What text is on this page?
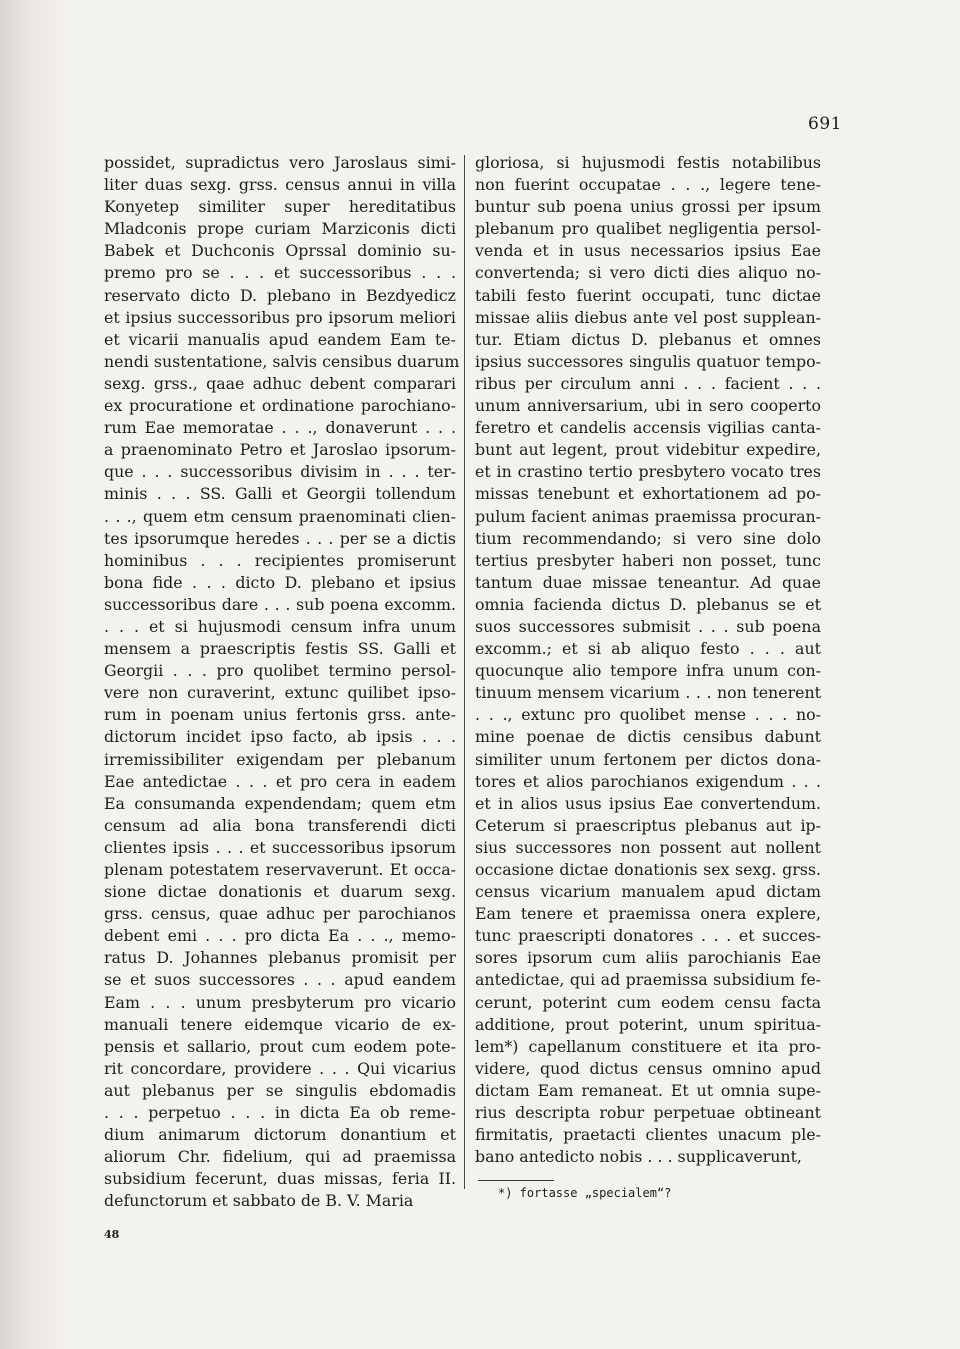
691
possidet, supradictus vero Jaroslaus simi-
liter duas sexg. grss. census annui in villa
Konyetep similiter super hereditatibus
Mladconis prope curiam Marziconis dicti
Babek et Duchconis Oprssal dominio su-
premo pro se . . . et successoribus . . .
reservato dicto D. plebano in Bezdyedicz
et ipsius successoribus pro ipsorum meliori
et vicarii manualis apud eandem Eam te-
nendi sustentatione, salvis censibus duarum
sexg. grss., qaae adhuc debent comparari
ex procuratione et ordinatione parochiano-
rum Eae memoratae . . ., donaverunt . . .
a praenominato Petro et Jaroslao ipsorum-
que . . . successoribus divisim in . . . ter-
minis . . . SS. Galli et Georgii tollendum
. . ., quem etm censum praenominati clien-
tes ipsorumque heredes . . . per se a dictis
hominibus . . . recipientes promiserunt
bona fide . . . dicto D. plebano et ipsius
successoribus dare . . . sub poena excomm.
. . . et si hujusmodi censum infra unum
mensem a praescriptis festis SS. Galli et
Georgii . . . pro quolibet termino persol-
vere non curaverint, extunc quilibet ipso-
rum in poenam unius fertonis grss. ante-
dictorum incidet ipso facto, ab ipsis . . .
irremissibiliter exigendam per plebanum
Eae antedictae . . . et pro cera in eadem
Ea consumanda expendendam; quem etm
censum ad alia bona transferendi dicti
clientes ipsis . . . et successoribus ipsorum
plenam potestatem reservaverunt. Et occa-
sione dictae donationis et duarum sexg.
grss. census, quae adhuc per parochianos
debent emi . . . pro dicta Ea . . ., memo-
ratus D. Johannes plebanus promisit per
se et suos successores . . . apud eandem
Eam . . . unum presbyterum pro vicario
manuali tenere eidemque vicario de ex-
pensis et sallario, prout cum eodem pote-
rit concordare, providere . . . Qui vicarius
aut plebanus per se singulis ebdomadis
. . . perpetuo . . . in dicta Ea ob reme-
dium animarum dictorum donantium et
aliorum Chr. fidelium, qui ad praemissa
subsidium fecerunt, duas missas, feria II.
defunctorum et sabbato de B. V. Maria
gloriosa, si hujusmodi festis notabilibus
non fuerint occupatae . . ., legere tene-
buntur sub poena unius grossi per ipsum
plebanum pro qualibet negligentia persol-
venda et in usus necessarios ipsius Eae
convertenda; si vero dicti dies aliquo no-
tabili festo fuerint occupati, tunc dictae
missae aliis diebus ante vel post supplean-
tur. Etiam dictus D. plebanus et omnes
ipsius successores singulis quatuor tempo-
ribus per circulum anni . . . facient . . .
unum anniversarium, ubi in sero cooperto
feretro et candelis accensis vigilias canta-
bunt aut legent, prout videbitur expedire,
et in crastino tertio presbytero vocato tres
missas tenebunt et exhortationem ad po-
pulum facient animas praemissa procuran-
tium recommendando; si vero sine dolo
tertius presbyter haberi non posset, tunc
tantum duae missae teneantur. Ad quae
omnia facienda dictus D. plebanus se et
suos successores submisit . . . sub poena
excomm.; et si ab aliquo festo . . . aut
quocunque alio tempore infra unum con-
tinuum mensem vicarium . . . non tenerent
. . ., extunc pro quolibet mense . . . no-
mine poenae de dictis censibus dabunt
similiter unum fertonem per dictos dona-
tores et alios parochianos exigendum . . .
et in alios usus ipsius Eae convertendum.
Ceterum si praescriptus plebanus aut ip-
sius successores non possent aut nollent
occasione dictae donationis sex sexg. grss.
census vicarium manualem apud dictam
Eam tenere et praemissa onera explere,
tunc praescripti donatores . . . et succes-
sores ipsorum cum aliis parochianis Eae
antedictae, qui ad praemissa subsidium fe-
cerunt, poterint cum eodem censu facta
additione, prout poterint, unum spiritua-
lem*) capellanum constituere et ita pro-
videre, quod dictus census omnino apud
dictam Eam remaneat. Et ut omnia supe-
rius descripta robur perpetuae obtineant
firmitatis, praetacti clientes unacum ple-
bano antedicto nobis . . . supplicaverunt,
*) fortasse „specialem“?
48
